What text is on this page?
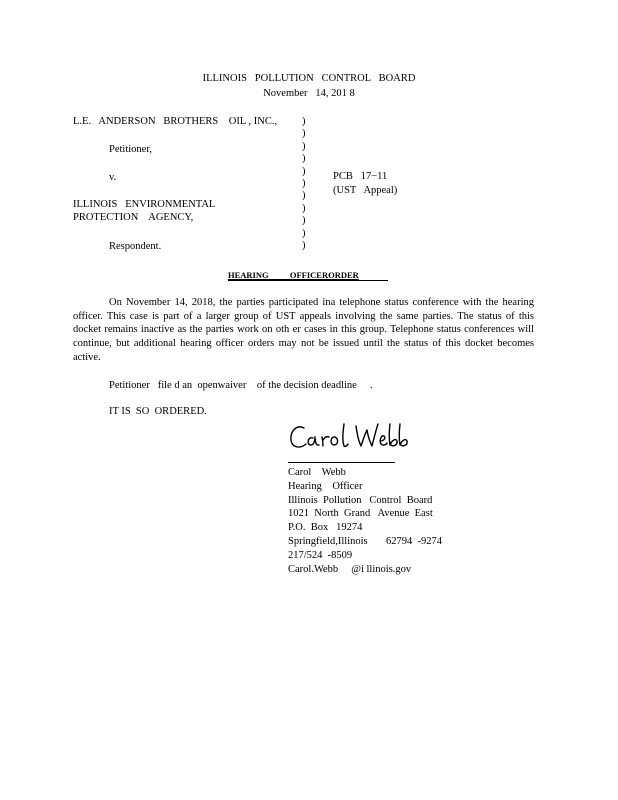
ILLINOIS   POLLUTION   CONTROL   BOARD
November   14, 201 8
L.E.   ANDERSON   BROTHERS    OIL , INC.,
Petitioner,
v.
ILLINOIS   ENVIRONMENTAL
PROTECTION    AGENCY,
Respondent.
)
)
)
)
)
)
)
)
)
)
)
PCB   17−11
(UST   Appeal)
HEARING          OFFICERORDER
On November 14, 2018, the parties participated ina telephone status conference with the hearing officer. This case is part of a larger group of UST appeals involving the same parties. The status of this docket remains inactive as the parties work on oth er cases in this group. Telephone status conferences will continue, but additional hearing officer orders may not be issued until the status of this docket becomes active.
Petitioner   file d an  openwaiver    of the decision deadline     .
IT IS  SO  ORDERED.
Carol    Webb
Hearing    Officer
Illinois  Pollution   Control  Board
1021  North  Grand   Avenue  East
P.O.  Box   19274
Springfield,Illinois       62794  -9274
217/524  -8509
Carol.Webb     @i llinois.gov
